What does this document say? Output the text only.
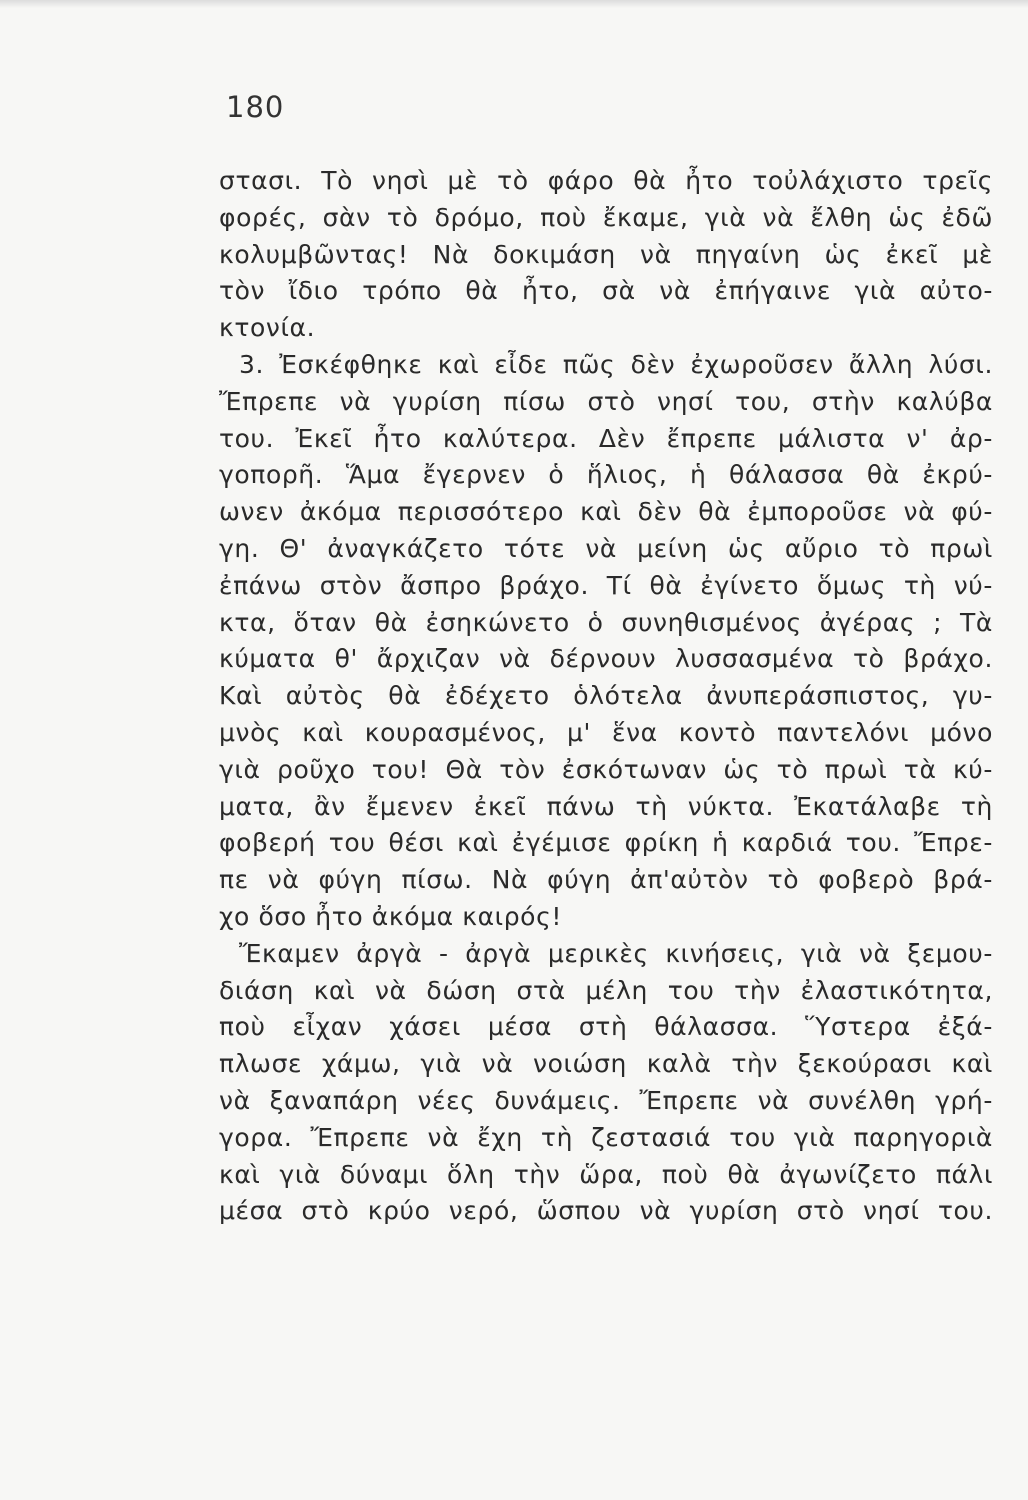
180
στασι. Τὸ νησὶ μὲ τὸ φάρο θὰ ἦτο τοὐλάχιστο τρεῖς
φορές, σὰν τὸ δρόμο, ποὺ ἔκαμε, γιὰ νὰ ἔλθη ὡς ἐδῶ
κολυμβῶντας! Νὰ δοκιμάση νὰ πηγαίνη ὡς ἐκεῖ μὲ
τὸν ἴδιο τρόπο θὰ ἦτο, σὰ νὰ ἐπήγαινε γιὰ αὐτο-
κτονία.
3. Ἐσκέφθηκε καὶ εἶδε πῶς δὲν ἐχωροῦσεν ἄλλη λύσι.
Ἔπρεπε νὰ γυρίση πίσω στὸ νησί του, στὴν καλύβα
του. Ἐκεῖ ἦτο καλύτερα. Δὲν ἔπρεπε μάλιστα ν' ἀρ-
γοπορῆ. Ἅμα ἔγερνεν ὁ ἥλιος, ἡ θάλασσα θὰ ἐκρύ-
ωνεν ἀκόμα περισσότερο καὶ δὲν θὰ ἐμποροῦσε νὰ φύ-
γη. Θ' ἀναγκάζετο τότε νὰ μείνη ὡς αὔριο τὸ πρωὶ
ἐπάνω στὸν ἄσπρο βράχο. Τί θὰ ἐγίνετο ὅμως τὴ νύ-
κτα, ὅταν θὰ ἐσηκώνετο ὁ συνηθισμένος ἀγέρας ; Τὰ
κύματα θ' ἄρχιζαν νὰ δέρνουν λυσσασμένα τὸ βράχο.
Καὶ αὐτὸς θὰ ἐδέχετο ὁλότελα ἀνυπεράσπιστος, γυ-
μνὸς καὶ κουρασμένος, μ' ἕνα κοντὸ παντελόνι μόνο
γιὰ ροῦχο του! Θὰ τὸν ἐσκότωναν ὡς τὸ πρωὶ τὰ κύ-
ματα, ἂν ἔμενεν ἐκεῖ πάνω τὴ νύκτα. Ἐκατάλαβε τὴ
φοβερή του θέσι καὶ ἐγέμισε φρίκη ἡ καρδιά του. Ἔπρε-
πε νὰ φύγη πίσω. Νὰ φύγη ἀπ'αὐτὸν τὸ φοβερὸ βρά-
χο ὅσο ἦτο ἀκόμα καιρός!
Ἔκαμεν ἀργὰ - ἀργὰ μερικὲς κινήσεις, γιὰ νὰ ξεμου-
διάση καὶ νὰ δώση στὰ μέλη του τὴν ἐλαστικότητα,
ποὺ εἶχαν χάσει μέσα στὴ θάλασσα. Ὕστερα ἐξά-
πλωσε χάμω, γιὰ νὰ νοιώση καλὰ τὴν ξεκούρασι καὶ
νὰ ξαναπάρη νέες δυνάμεις. Ἔπρεπε νὰ συνέλθη γρή-
γορα. Ἔπρεπε νὰ ἔχη τὴ ζεστασιά του γιὰ παρηγοριὰ
καὶ γιὰ δύναμι ὅλη τὴν ὥρα, ποὺ θὰ ἀγωνίζετο πάλι
μέσα στὸ κρύο νερό, ὥσπου νὰ γυρίση στὸ νησί του.
